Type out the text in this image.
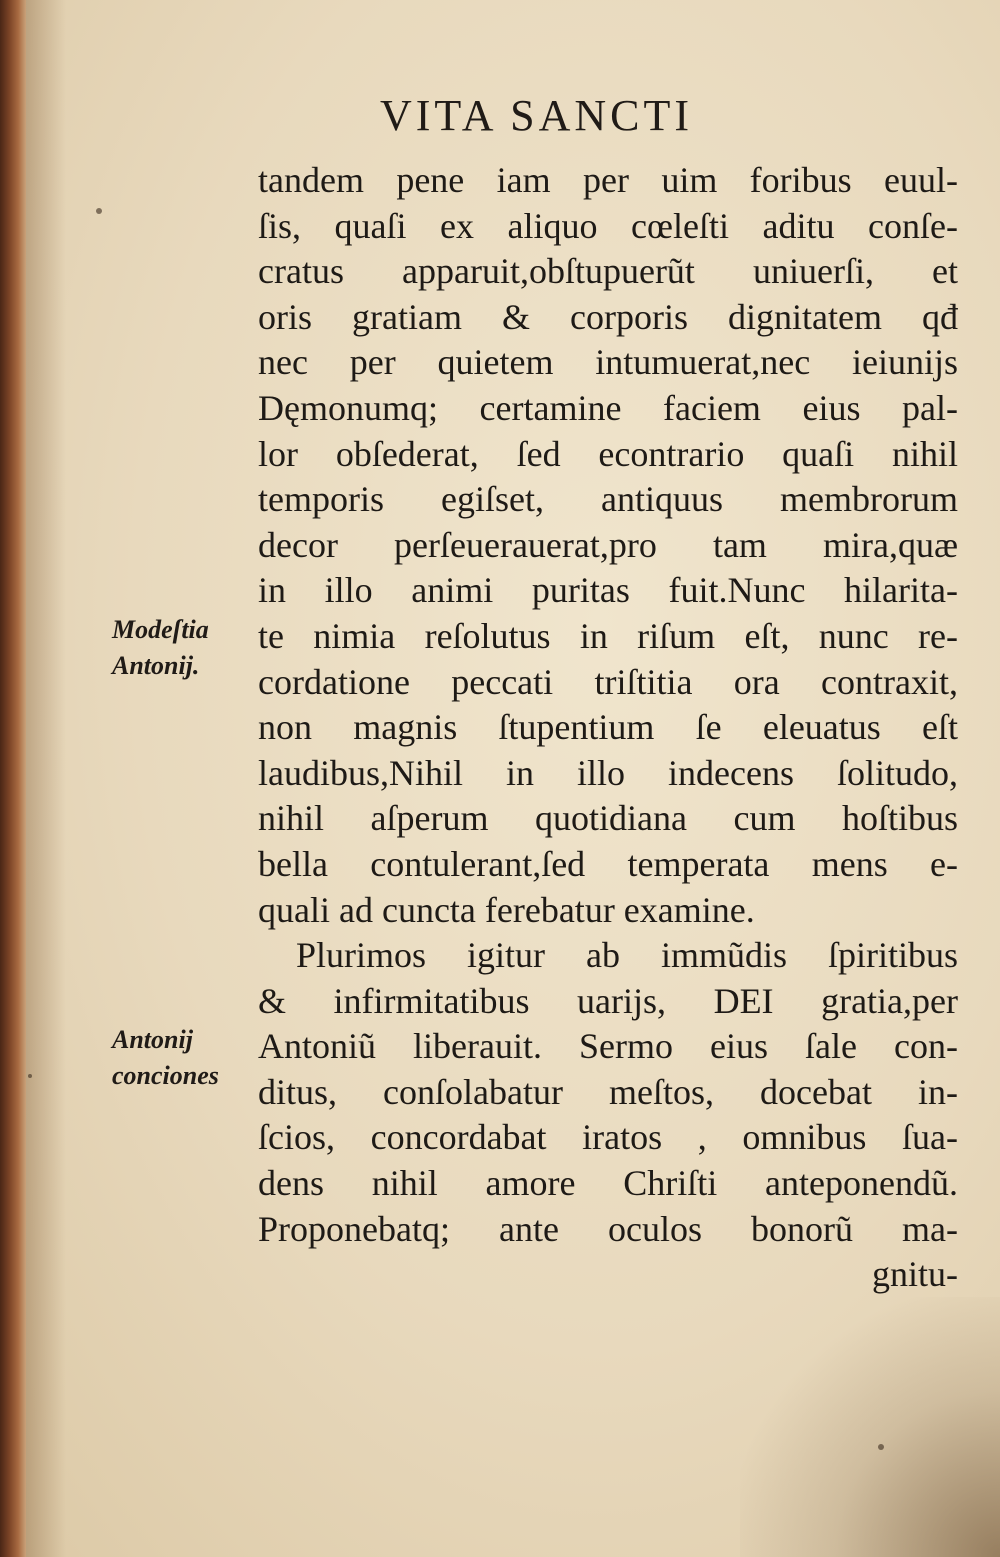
VITA SANCTI
Modeſtia
Antonij.
Antonij
conciones
tandem pene iam per uim foribus euul-
ſis, quaſi ex aliquo cœleſti aditu conſe-
cratus apparuit,obſtupuerũt uniuerſi, et
oris gratiam & corporis dignitatem qđ
nec per quietem intumuerat,nec ieiunijs
Dęmonumq; certamine faciem eius pal-
lor obſederat, ſed econtrario quaſi nihil
temporis egiſset, antiquus membrorum
decor perſeuerauerat,pro tam mira,quæ
in illo animi puritas fuit.Nunc hilarita-
te nimia reſolutus in riſum eſt, nunc re-
cordatione peccati triſtitia ora contraxit,
non magnis ſtupentium ſe eleuatus eſt
laudibus,Nihil in illo indecens ſolitudo,
nihil aſperum quotidiana cum hoſtibus
bella contulerant,ſed temperata mens e-
quali ad cuncta ferebatur examine.
Plurimos igitur ab immũdis ſpiritibus
& infirmitatibus uarijs, DEI gratia,per
Antoniũ liberauit. Sermo eius ſale con-
ditus, conſolabatur meſtos, docebat in-
ſcios, concordabat iratos , omnibus ſua-
dens nihil amore Chriſti anteponendũ.
Proponebatq; ante oculos bonorũ ma-
gnitu-
